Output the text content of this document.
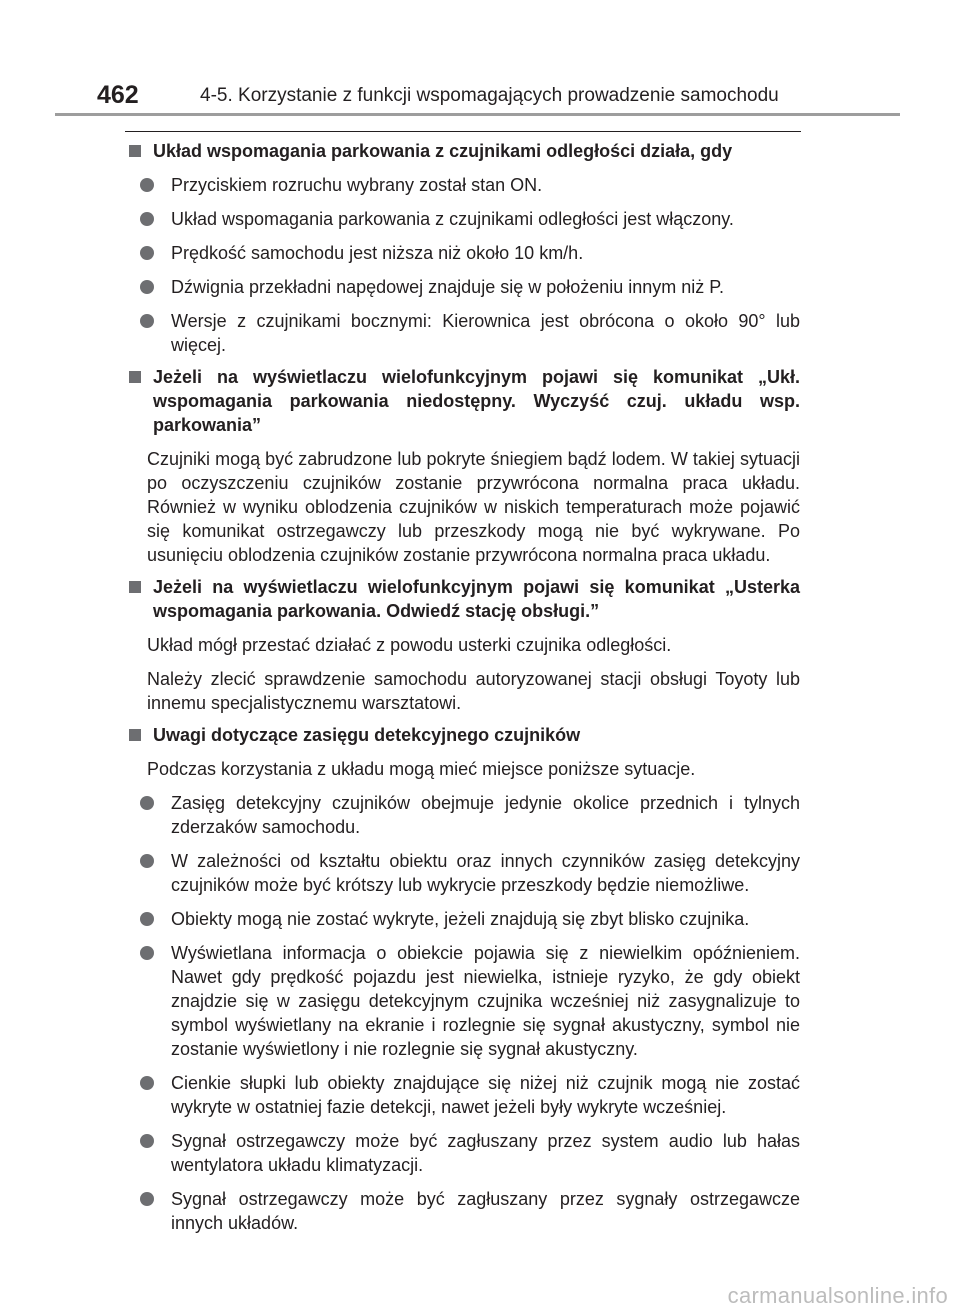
462	4-5. Korzystanie z funkcji wspomagających prowadzenie samochodu
Układ wspomagania parkowania z czujnikami odległości działa, gdy
Przyciskiem rozruchu wybrany został stan ON.
Układ wspomagania parkowania z czujnikami odległości jest włączony.
Prędkość samochodu jest niższa niż około 10 km/h.
Dźwignia przekładni napędowej znajduje się w położeniu innym niż P.
Wersje z czujnikami bocznymi: Kierownica jest obrócona o około 90° lub więcej.
Jeżeli na wyświetlaczu wielofunkcyjnym pojawi się komunikat „Ukł. wspomagania parkowania niedostępny. Wyczyść czuj. układu wsp. parkowania”
Czujniki mogą być zabrudzone lub pokryte śniegiem bądź lodem. W takiej sytuacji po oczyszczeniu czujników zostanie przywrócona normalna praca układu. Również w wyniku oblodzenia czujników w niskich temperaturach może pojawić się komunikat ostrzegawczy lub przeszkody mogą nie być wykrywane. Po usunięciu oblodzenia czujników zostanie przywrócona normalna praca układu.
Jeżeli na wyświetlaczu wielofunkcyjnym pojawi się komunikat „Usterka wspomagania parkowania. Odwiedź stację obsługi.”
Układ mógł przestać działać z powodu usterki czujnika odległości.
Należy zlecić sprawdzenie samochodu autoryzowanej stacji obsługi Toyoty lub innemu specjalistycznemu warsztatowi.
Uwagi dotyczące zasięgu detekcyjnego czujników
Podczas korzystania z układu mogą mieć miejsce poniższe sytuacje.
Zasięg detekcyjny czujników obejmuje jedynie okolice przednich i tylnych zderzaków samochodu.
W zależności od kształtu obiektu oraz innych czynników zasięg detekcyjny czujników może być krótszy lub wykrycie przeszkody będzie niemożliwe.
Obiekty mogą nie zostać wykryte, jeżeli znajdują się zbyt blisko czujnika.
Wyświetlana informacja o obiekcie pojawia się z niewielkim opóźnieniem. Nawet gdy prędkość pojazdu jest niewielka, istnieje ryzyko, że gdy obiekt znajdzie się w zasięgu detekcyjnym czujnika wcześniej niż zasygnalizuje to symbol wyświetlany na ekranie i rozlegnie się sygnał akustyczny, symbol nie zostanie wyświetlony i nie rozlegnie się sygnał akustyczny.
Cienkie słupki lub obiekty znajdujące się niżej niż czujnik mogą nie zostać wykryte w ostatniej fazie detekcji, nawet jeżeli były wykryte wcześniej.
Sygnał ostrzegawczy może być zagłuszany przez system audio lub hałas wentylatora układu klimatyzacji.
Sygnał ostrzegawczy może być zagłuszany przez sygnały ostrzegawcze innych układów.
carmanualsonline.info
